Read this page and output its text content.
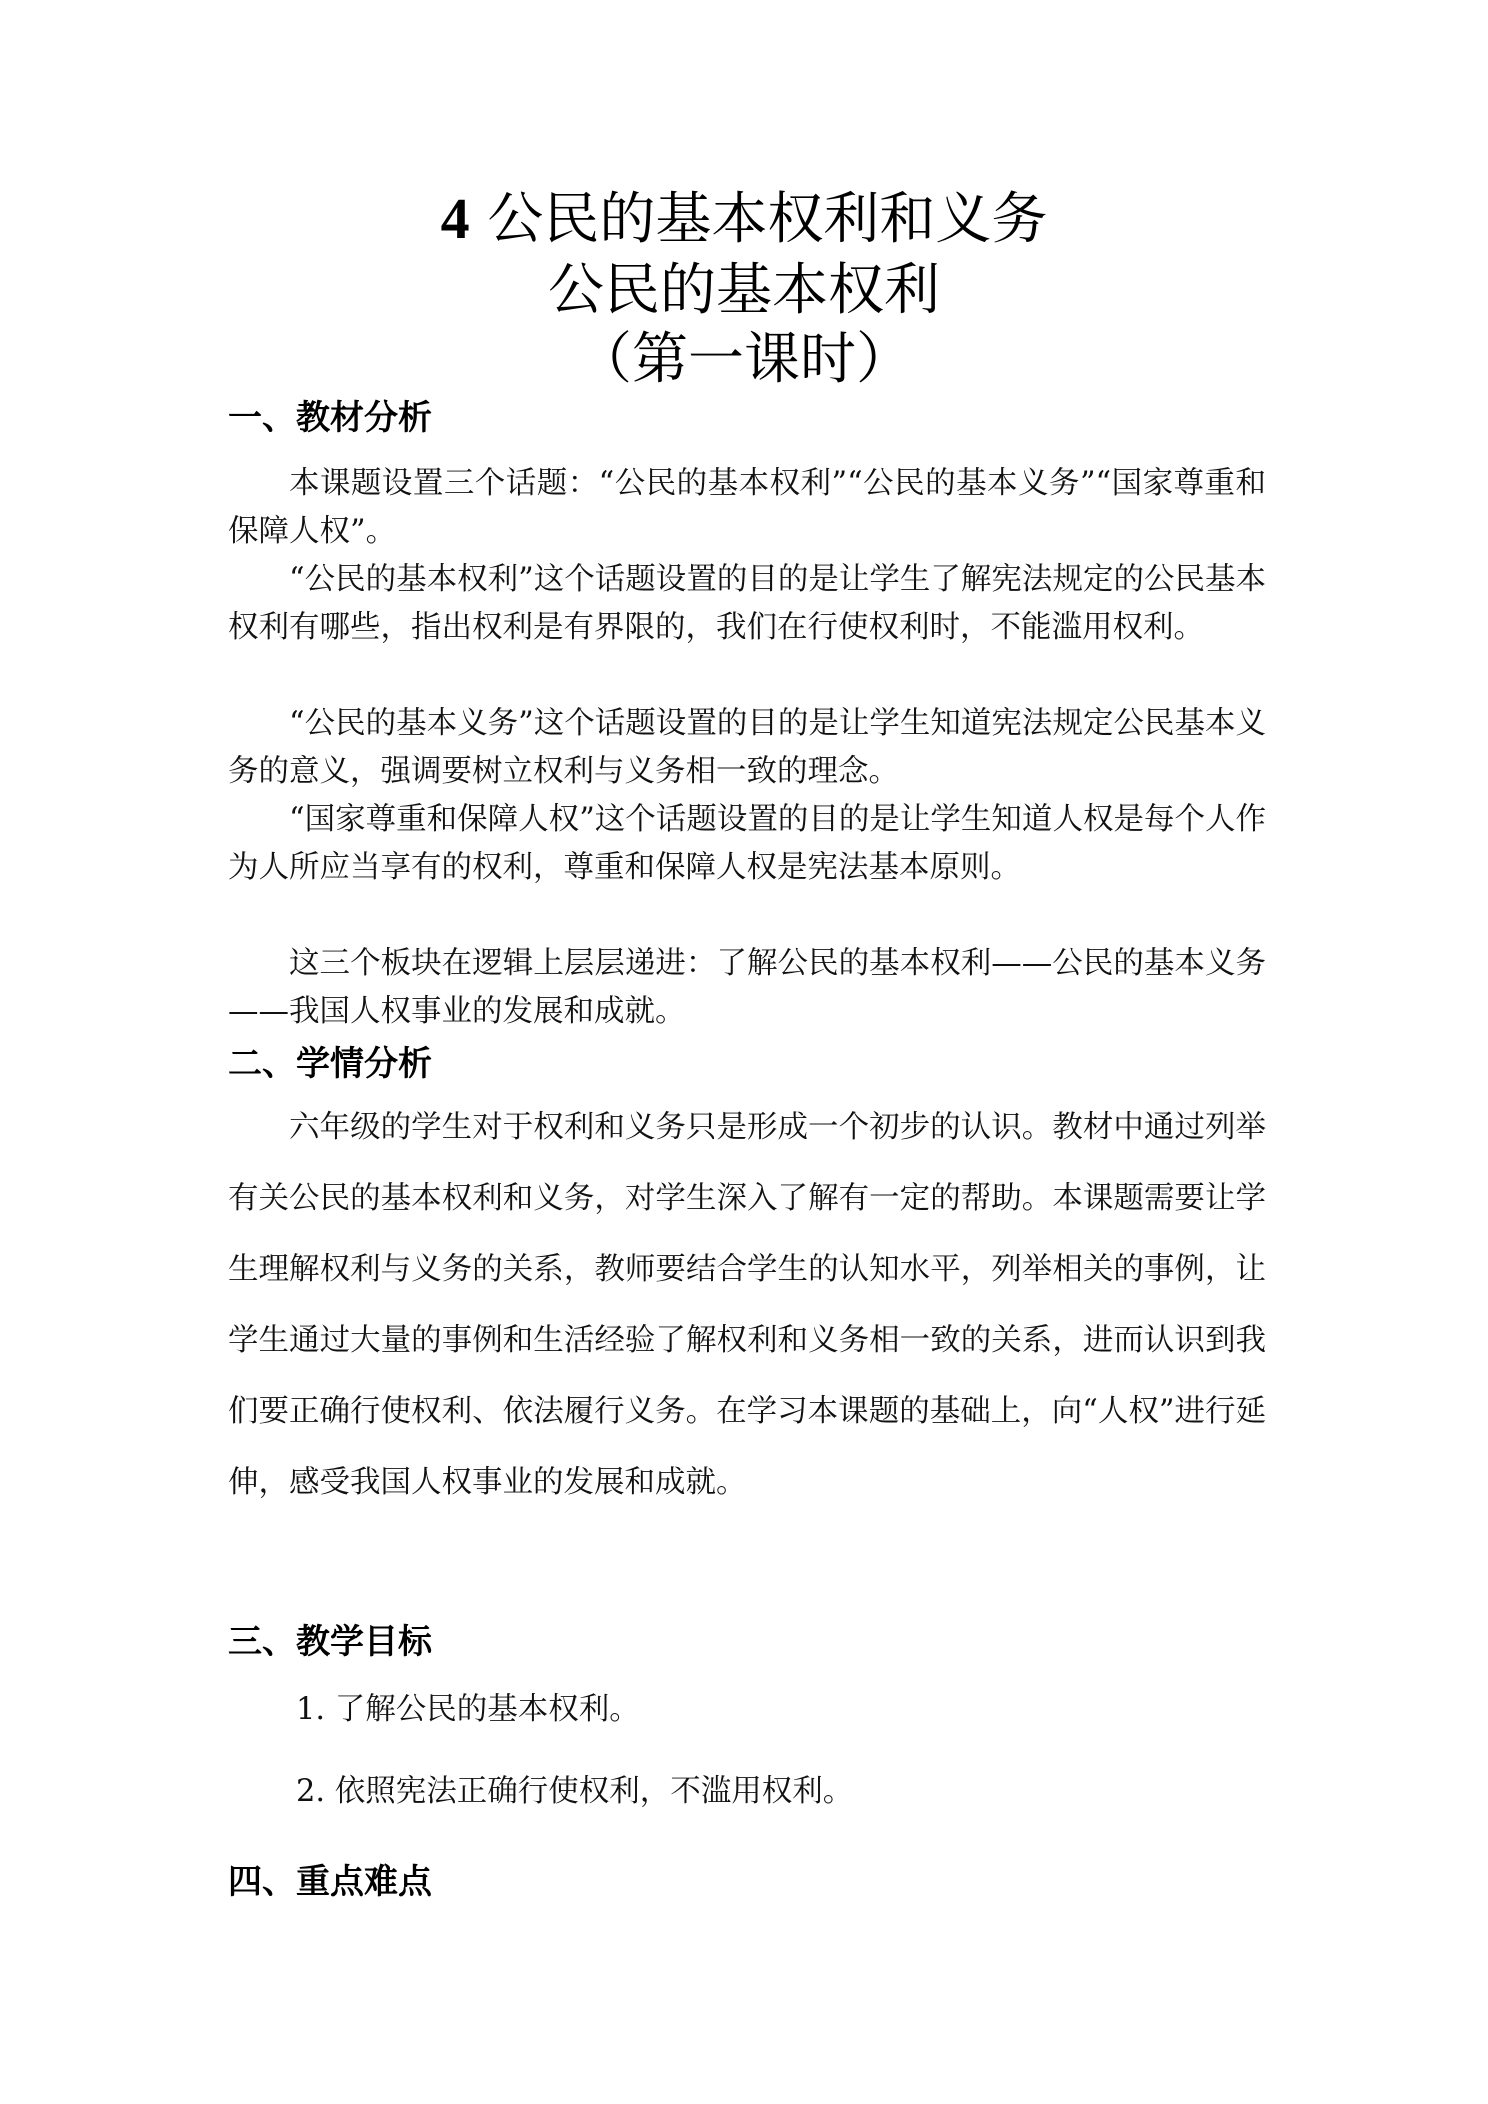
4 公民的基本权利和义务
公民的基本权利
（第一课时）
一、教材分析
本课题设置三个话题：“公民的基本权利”“公民的基本义务”“国家尊重和保障人权”。
“公民的基本权利”这个话题设置的目的是让学生了解宪法规定的公民基本权利有哪些，指出权利是有界限的，我们在行使权利时，不能滥用权利。
“公民的基本义务”这个话题设置的目的是让学生知道宪法规定公民基本义务的意义，强调要树立权利与义务相一致的理念。
“国家尊重和保障人权”这个话题设置的目的是让学生知道人权是每个人作为人所应当享有的权利，尊重和保障人权是宪法基本原则。
这三个板块在逻辑上层层递进：了解公民的基本权利——公民的基本义务——我国人权事业的发展和成就。
二、学情分析
六年级的学生对于权利和义务只是形成一个初步的认识。教材中通过列举有关公民的基本权利和义务，对学生深入了解有一定的帮助。本课题需要让学生理解权利与义务的关系，教师要结合学生的认知水平，列举相关的事例，让学生通过大量的事例和生活经验了解权利和义务相一致的关系，进而认识到我们要正确行使权利、依法履行义务。在学习本课题的基础上，向“人权”进行延伸，感受我国人权事业的发展和成就。
三、教学目标
1. 了解公民的基本权利。
2. 依照宪法正确行使权利，不滥用权利。
四、重点难点
